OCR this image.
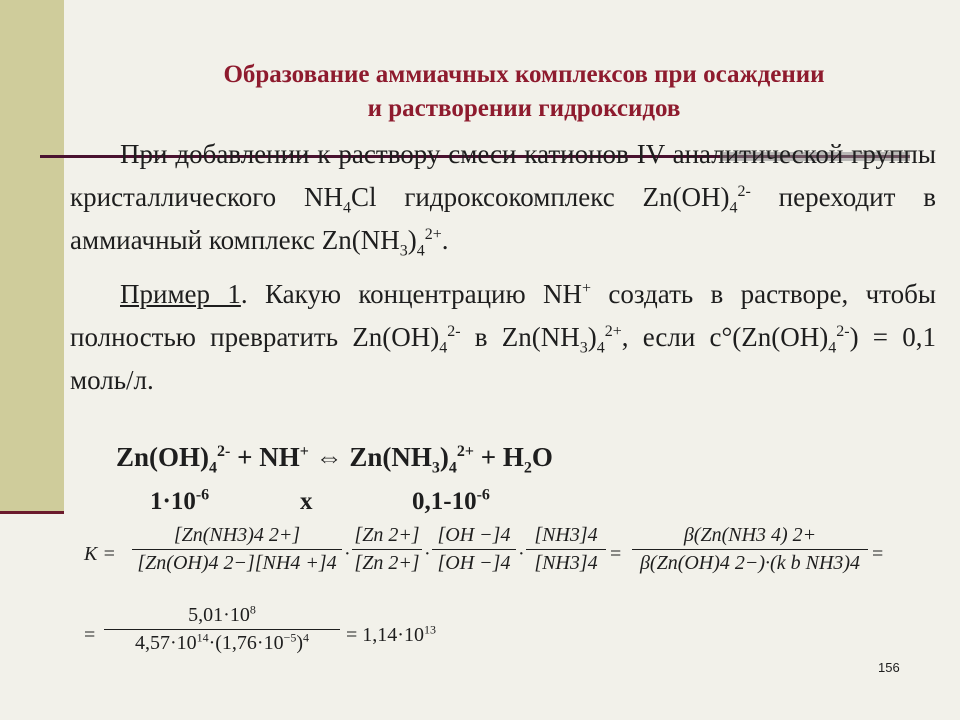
Образование аммиачных комплексов при осаждении
и растворении гидроксидов

При добавлении к раствору смеси катионов IV аналитической группы кристаллического $NH_4Cl$ гидроксокомплекс $Zn(OH)_4^{2-}$ переходит в аммиачный комплекс $Zn(NH_3)_4^{2+}$.

Пример 1. Какую концентрацию NH+ создать в растворе, чтобы полностью превратить $Zn(OH)_4^{2-}$ в $Zn(NH_3)_4^{2+}$, если $c^\circ(Zn(OH)_4^{2-}) = 0,1$ моль/л.

$Zn(OH)_4^{2-} + NH^+$ ⇔ $Zn(NH_3)_4^{2+} + H_2O$
$1\cdot 10^{-6}$	x	$0,1-10^{-6}$
K =
[Zn(NH3)4 2+]
[Zn(OH)4 2−][NH4 +]4 ·
[Zn 2+]
[Zn 2+] ·
[OH −]4
[OH −]4 ·
[NH3]4
[NH3]4 =
β(Zn(NH3 4) 2+
β(Zn(OH)4 2−)·(k b NH3)4 =
=
$5,01\cdot 10^8$
$4,57\cdot 10^{14}\cdot(1,76\cdot 10^{-5})^4$	= $1,14\cdot 10^{13}$
156
